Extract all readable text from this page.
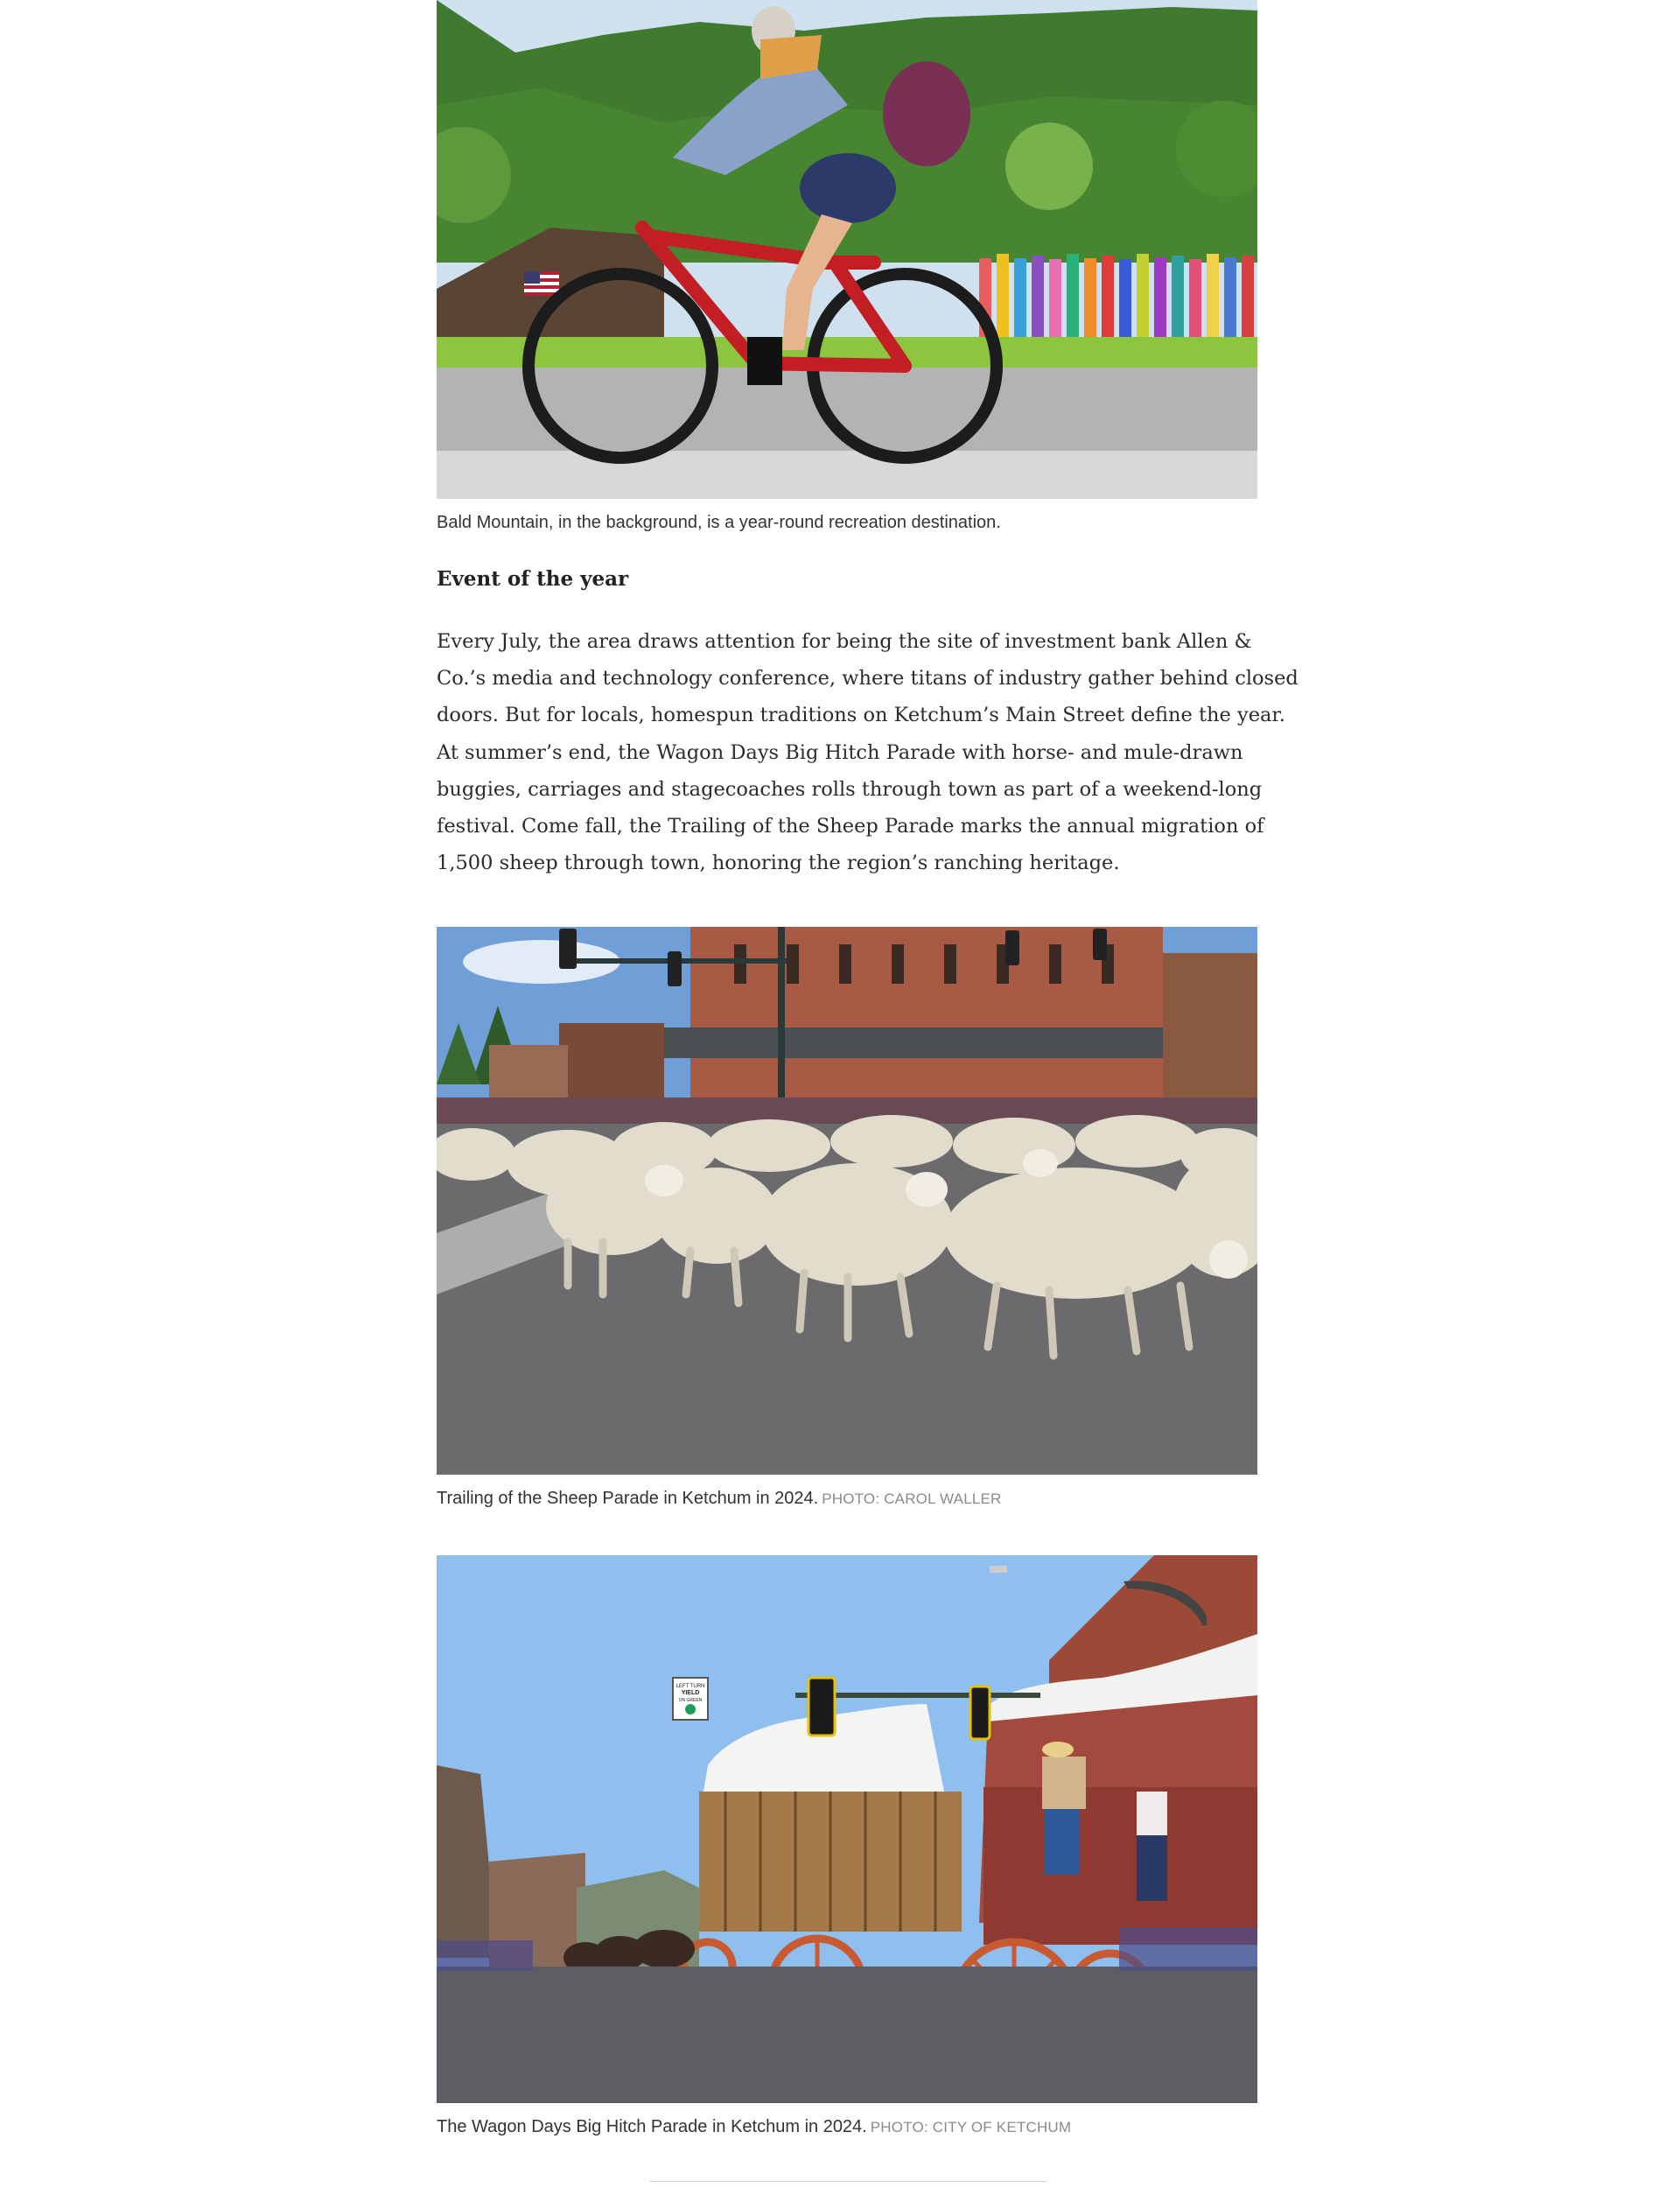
Bald Mountain, in the background, is a year-round recreation destination.
Event of the year
Every July, the area draws attention for being the site of investment bank Allen &
Co.’s media and technology conference, where titans of industry gather behind closed
doors. But for locals, homespun traditions on Ketchum’s Main Street define the year.
At summer’s end, the Wagon Days Big Hitch Parade with horse- and mule-drawn
buggies, carriages and stagecoaches rolls through town as part of a weekend-long
festival. Come fall, the Trailing of the Sheep Parade marks the annual migration of
1,500 sheep through town, honoring the region’s ranching heritage.
Trailing of the Sheep Parade in Ketchum in 2024. PHOTO: CAROL WALLER
LEFT TURN
YIELD
ON GREEN
The Wagon Days Big Hitch Parade in Ketchum in 2024. PHOTO: CITY OF KETCHUM
